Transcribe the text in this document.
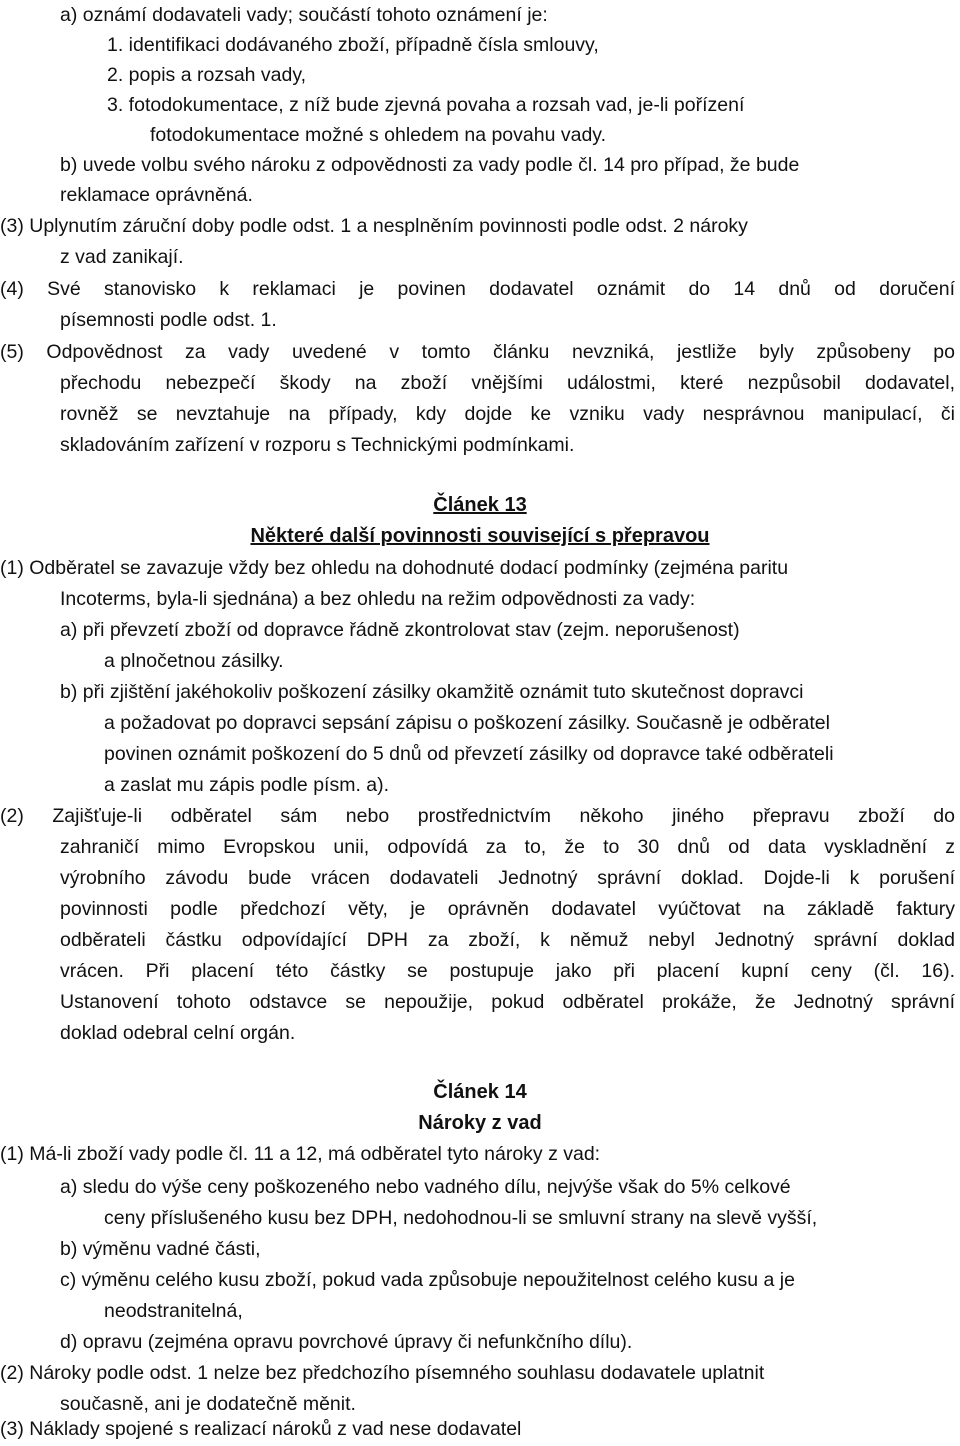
a) oznámí dodavateli vady; součástí tohoto oznámení je:
1. identifikaci dodávaného zboží, případně čísla smlouvy,
2. popis a rozsah vady,
3. fotodokumentace, z níž bude zjevná povaha a rozsah vad, je-li pořízení
fotodokumentace možné s ohledem na povahu vady.
b) uvede volbu svého nároku z odpovědnosti za vady podle čl. 14 pro případ, že bude
reklamace oprávněná.
(3) Uplynutím záruční doby podle odst. 1 a nesplněním povinnosti podle odst. 2 nároky
z vad zanikají.
(4) Své stanovisko k reklamaci je povinen dodavatel oznámit do 14 dnů od doručení
písemnosti podle odst. 1.
(5) Odpovědnost za vady uvedené v tomto článku nevzniká, jestliže byly způsobeny po
přechodu nebezpečí škody na zboží vnějšími událostmi, které nezpůsobil dodavatel,
rovněž se nevztahuje na případy, kdy dojde ke vzniku vady nesprávnou manipulací, či
skladováním zařízení v rozporu s Technickými podmínkami.
Článek 13
Některé další povinnosti související s přepravou
(1) Odběratel se zavazuje vždy bez ohledu na dohodnuté dodací podmínky (zejména paritu
Incoterms, byla-li sjednána) a bez ohledu na režim odpovědnosti za vady:
a) při převzetí zboží od dopravce řádně zkontrolovat stav (zejm. neporušenost)
a plnočetnou zásilky.
b) při zjištění jakéhokoliv poškození zásilky okamžitě oznámit tuto skutečnost dopravci
a požadovat po dopravci sepsání zápisu o poškození zásilky. Současně je odběratel
povinen oznámit poškození do 5 dnů od převzetí zásilky od dopravce také odběrateli
a zaslat mu zápis podle písm. a).
(2) Zajišťuje-li odběratel sám nebo prostřednictvím někoho jiného přepravu zboží do
zahraničí mimo Evropskou unii, odpovídá za to, že to 30 dnů od data vyskladnění z
výrobního závodu bude vrácen dodavateli Jednotný správní doklad. Dojde-li k porušení
povinnosti podle předchozí věty, je oprávněn dodavatel vyúčtovat na základě faktury
odběrateli částku odpovídající DPH za zboží, k němuž nebyl Jednotný správní doklad
vrácen. Při placení této částky se postupuje jako při placení kupní ceny (čl. 16).
Ustanovení tohoto odstavce se nepoužije, pokud odběratel prokáže, že Jednotný správní
doklad odebral celní orgán.
Článek 14
Nároky z vad
(1) Má-li zboží vady podle čl. 11 a 12, má odběratel tyto nároky z vad:
a) sledu do výše ceny poškozeného nebo vadného dílu, nejvýše však do 5% celkové
ceny příslušeného kusu bez DPH, nedohodnou-li se smluvní strany na slevě vyšší,
b) výměnu vadné části,
c) výměnu celého kusu zboží, pokud vada způsobuje nepoužitelnost celého kusu a je
neodstranitelná,
d) opravu (zejména opravu povrchové úpravy či nefunkčního dílu).
(2) Nároky podle odst. 1 nelze bez předchozího písemného souhlasu dodavatele uplatnit
současně, ani je dodatečně měnit.
(3) Náklady spojené s realizací nároků z vad nese dodavatel
